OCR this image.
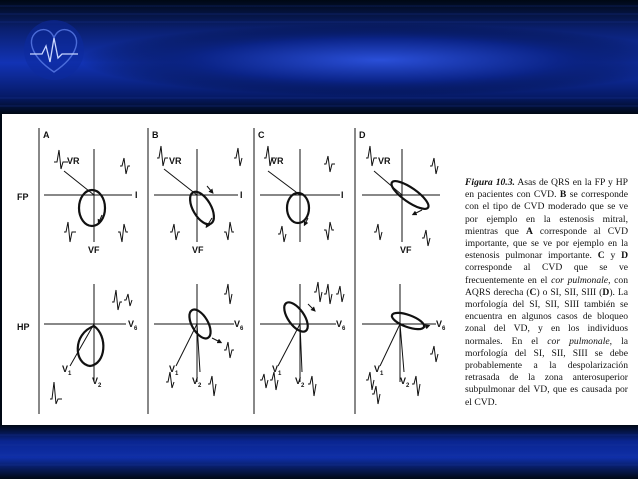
FP
HP
A	B	C	D
VR
I
VF
$V_6$
$V_1$
$V_2$
VR
I
VF
$V_6$
$V_1$
$V_2$
VR
I
$V_6$
$V_1$
$V_2$
VR
VF
$V_6$
$V_1$
$V_2$

Figura 10.3. Asas de QRS en la FP y HP en pacientes con CVD. B se corresponde con el tipo de CVD moderado que se ve por ejemplo en la estenosis mitral, mientras que A corresponde al CVD importante, que se ve por ejemplo en la estenosis pulmonar importante. C y D corresponde al CVD que se ve frecuentemente en el cor pulmonale, con AQRS derecha (C) o SI, SII, SIII (D). La morfología del SI, SII, SIII también se encuentra en algunos casos de bloqueo zonal del VD, y en los individuos normales. En el cor pulmonale, la morfología del SI, SII, SIII se debe probablemente a la despolarización retrasada de la zona anterosuperior subpulmonar del VD, que es causada por el CVD.
